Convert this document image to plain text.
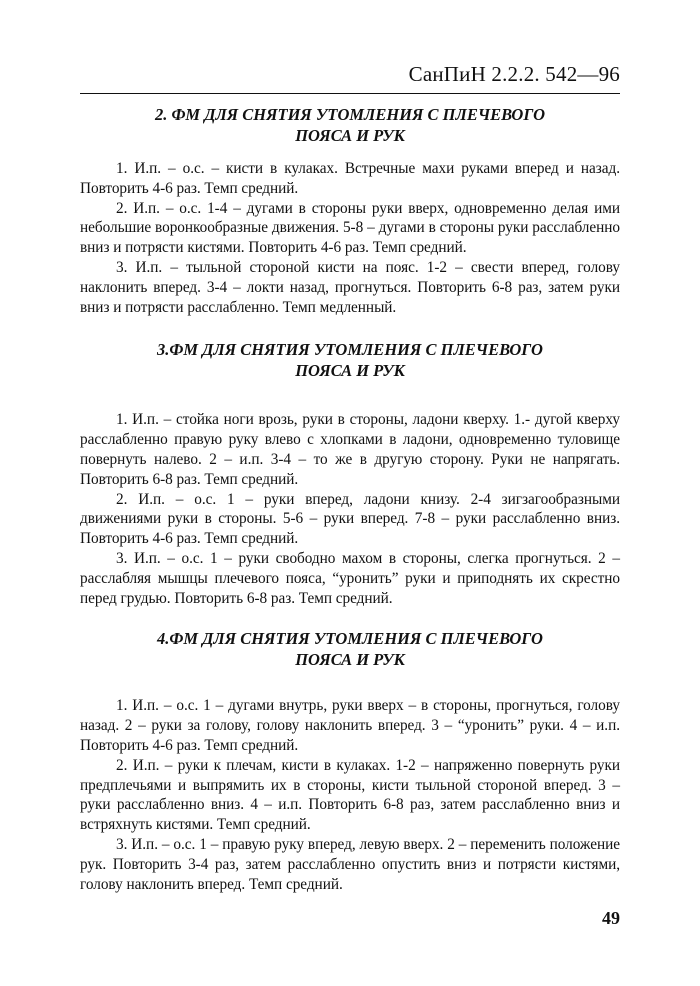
СанПиН 2.2.2. 542—96
2. ФМ ДЛЯ СНЯТИЯ УТОМЛЕНИЯ С ПЛЕЧЕВОГО
ПОЯСА И РУК

1. И.п. – о.с. – кисти в кулаках. Встречные махи руками вперед и назад. Повторить 4-6 раз. Темп средний.

2. И.п. – о.с. 1-4 – дугами в стороны руки вверх, одновременно делая ими небольшие воронкообразные движения. 5-8 – дугами в стороны руки расслабленно вниз и потрясти кистями. Повторить 4-6 раз. Темп средний.

3. И.п. – тыльной стороной кисти на пояс. 1-2 – свести вперед, голову наклонить вперед. 3-4 – локти назад, прогнуться. Повторить 6-8 раз, затем руки вниз и потрясти расслабленно. Темп медленный.

3.ФМ ДЛЯ СНЯТИЯ УТОМЛЕНИЯ С ПЛЕЧЕВОГО
ПОЯСА И РУК

1. И.п. – стойка ноги врозь, руки в стороны, ладони кверху. 1.- дугой кверху расслабленно правую руку влево с хлопками в ладони, одновременно туловище повернуть налево. 2 – и.п. 3-4 – то же в другую сторону. Руки не напрягать. Повторить 6-8 раз. Темп средний.

2. И.п. – о.с. 1 – руки вперед, ладони книзу. 2-4 зигзагообразными движениями руки в стороны. 5-6 – руки вперед. 7-8 – руки расслабленно вниз. Повторить 4-6 раз. Темп средний.

3. И.п. – о.с. 1 – руки свободно махом в стороны, слегка прогнуться. 2 – расслабляя мышцы плечевого пояса, “уронить” руки и приподнять их скрестно перед грудью. Повторить 6-8 раз. Темп средний.

4.ФМ ДЛЯ СНЯТИЯ УТОМЛЕНИЯ С ПЛЕЧЕВОГО
ПОЯСА И РУК

1. И.п. – о.с. 1 – дугами внутрь, руки вверх – в стороны, прогнуться, голову назад. 2 – руки за голову, голову наклонить вперед. 3 – “уронить” руки. 4 – и.п. Повторить 4-6 раз. Темп средний.

2. И.п. – руки к плечам, кисти в кулаках. 1-2 – напряженно повернуть руки предплечьями и выпрямить их в стороны, кисти тыльной стороной вперед. 3 – руки расслабленно вниз. 4 – и.п. Повторить 6-8 раз, затем расслабленно вниз и встряхнуть кистями. Темп средний.

3. И.п. – о.с. 1 – правую руку вперед, левую вверх. 2 – переменить положение рук. Повторить 3-4 раз, затем расслабленно опустить вниз и потрясти кистями, голову наклонить вперед. Темп средний.

49
